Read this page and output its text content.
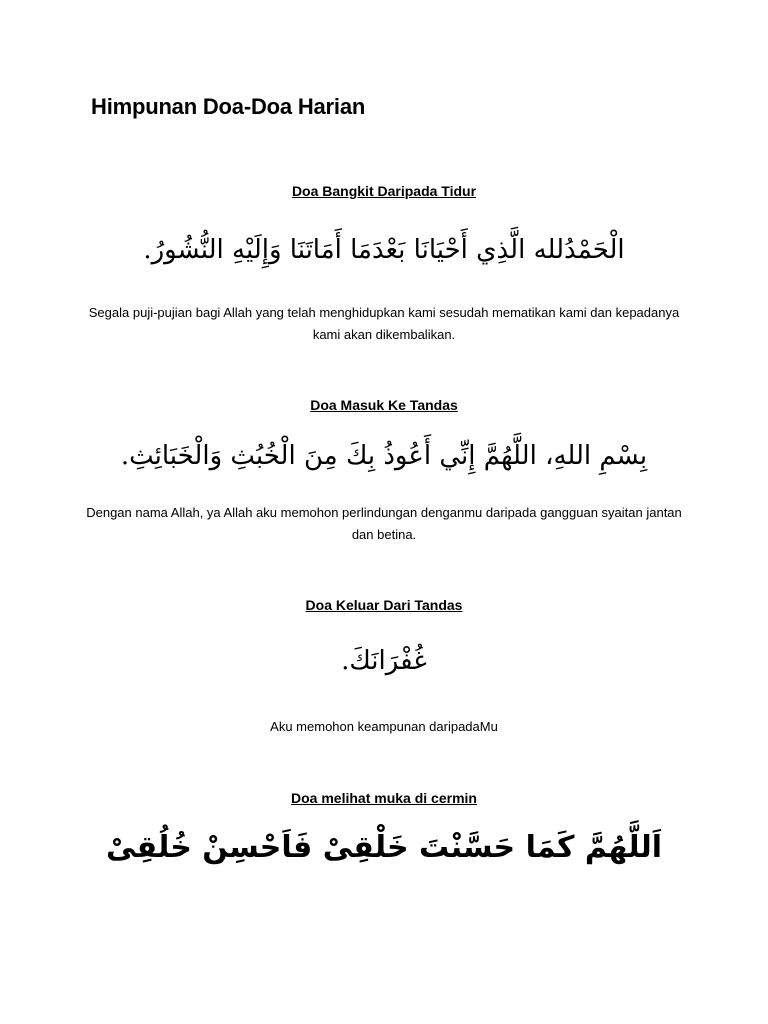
Himpunan Doa-Doa Harian
Doa Bangkit Daripada Tidur

الْحَمْدُلله الَّذِي أَحْيَانَا بَعْدَمَا أَمَاتَنَا وَإِلَيْهِ النُّشُورُ.

Segala puji-pujian bagi Allah yang telah menghidupkan kami sesudah mematikan kami dan kepadanya kami akan dikembalikan.

Doa Masuk Ke Tandas

بِسْمِ اللهِ، اللَّهُمَّ إِنِّي أَعُوذُ بِكَ مِنَ الْخُبُثِ وَالْخَبَائِثِ.

Dengan nama Allah, ya Allah aku memohon perlindungan denganmu daripada gangguan syaitan jantan dan betina.

Doa Keluar Dari Tandas

غُفْرَانَكَ.

Aku memohon keampunan daripadaMu

Doa melihat muka di cermin

اَللَّهُمَّ كَمَا حَسَّنْتَ خَلْقِىْ فَاَحْسِنْ خُلُقِىْ
